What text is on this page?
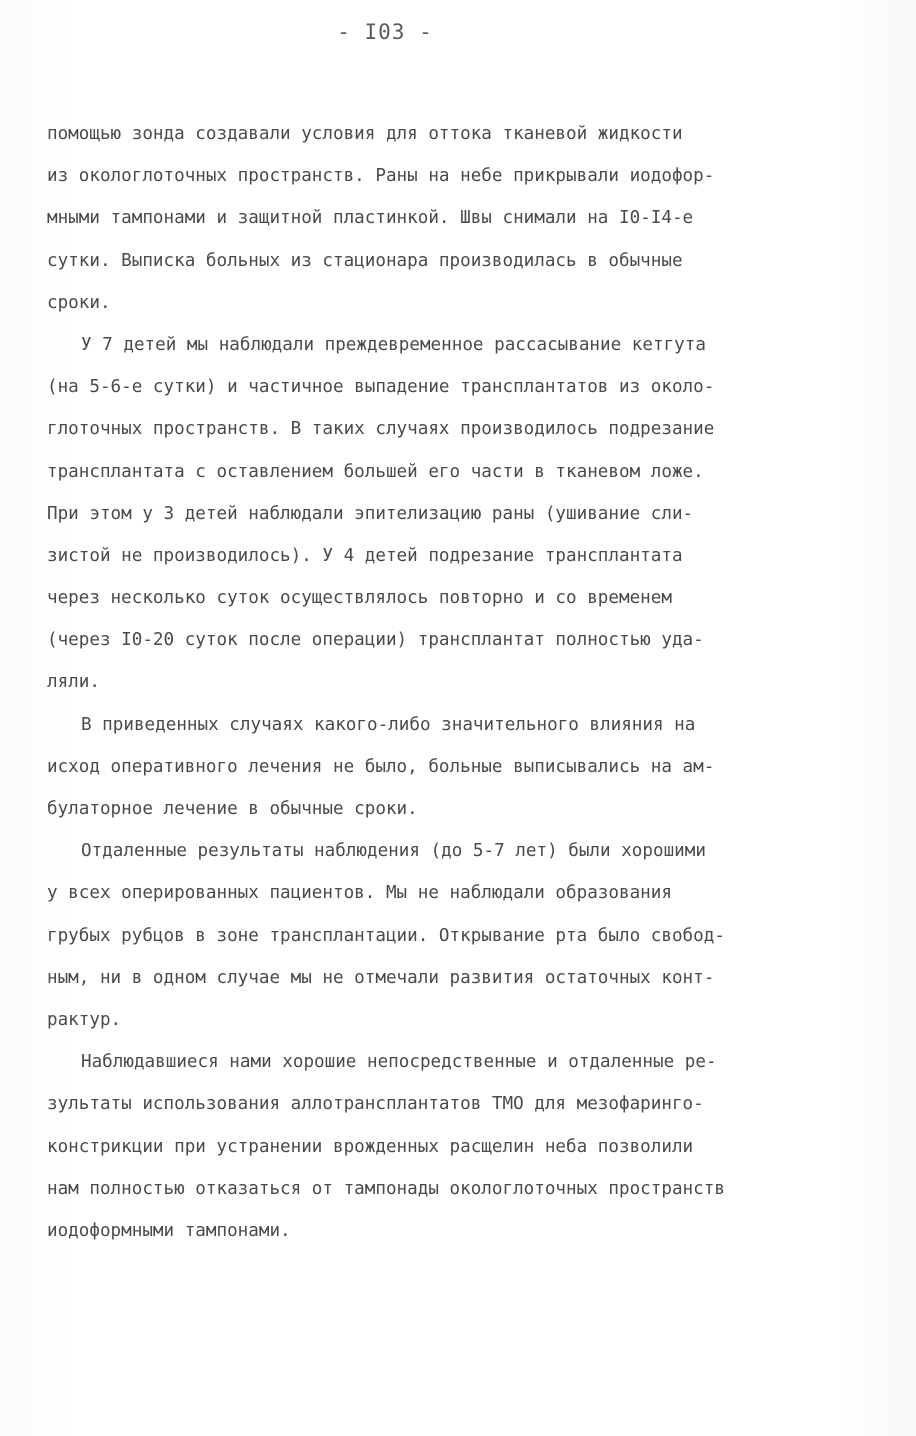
- I03 -
помощью зонда создавали условия для оттока тканевой жидкости
из окологлоточных пространств. Раны на небе прикрывали иодофор-
мными тампонами и защитной пластинкой. Швы снимали на I0-I4-е
сутки. Выписка больных из стационара производилась в обычные
сроки.
У 7 детей мы наблюдали преждевременное рассасывание кетгута
(на 5-6-е сутки) и частичное выпадение трансплантатов из околo-
глоточных пространств. В таких случаях производилось подрезание
трансплантата с оставлением большей его части в тканевом ложе.
При этом у 3 детей наблюдали эпителизацию раны (ушивание сли-
зистой не производилось). У 4 детей подрезание трансплантата
через несколько суток осуществлялось повторно и со временем
(через I0-20 суток после операции) трансплантат полностью уда-
ляли.
В приведенных случаях какого-либо значительного влияния на
исход оперативного лечения не было, больные выписывались на ам-
булаторное лечение в обычные сроки.
Отдаленные результаты наблюдения (до 5-7 лет) были хорошими
у всех оперированных пациентов. Мы не наблюдали образования
грубых рубцов в зоне трансплантации. Открывание рта было свобод-
ным, ни в одном случае мы не отмечали развития остаточных конт-
рактур.
Наблюдавшиеся нами хорошие непосредственные и отдаленные ре-
зультаты использования аллотрансплантатов ТМО для мезофаринго-
констрикции при устранении врожденных расщелин неба позволили
нам полностью отказаться от тампонады окологлоточных пространств
иодоформными тампонами.
